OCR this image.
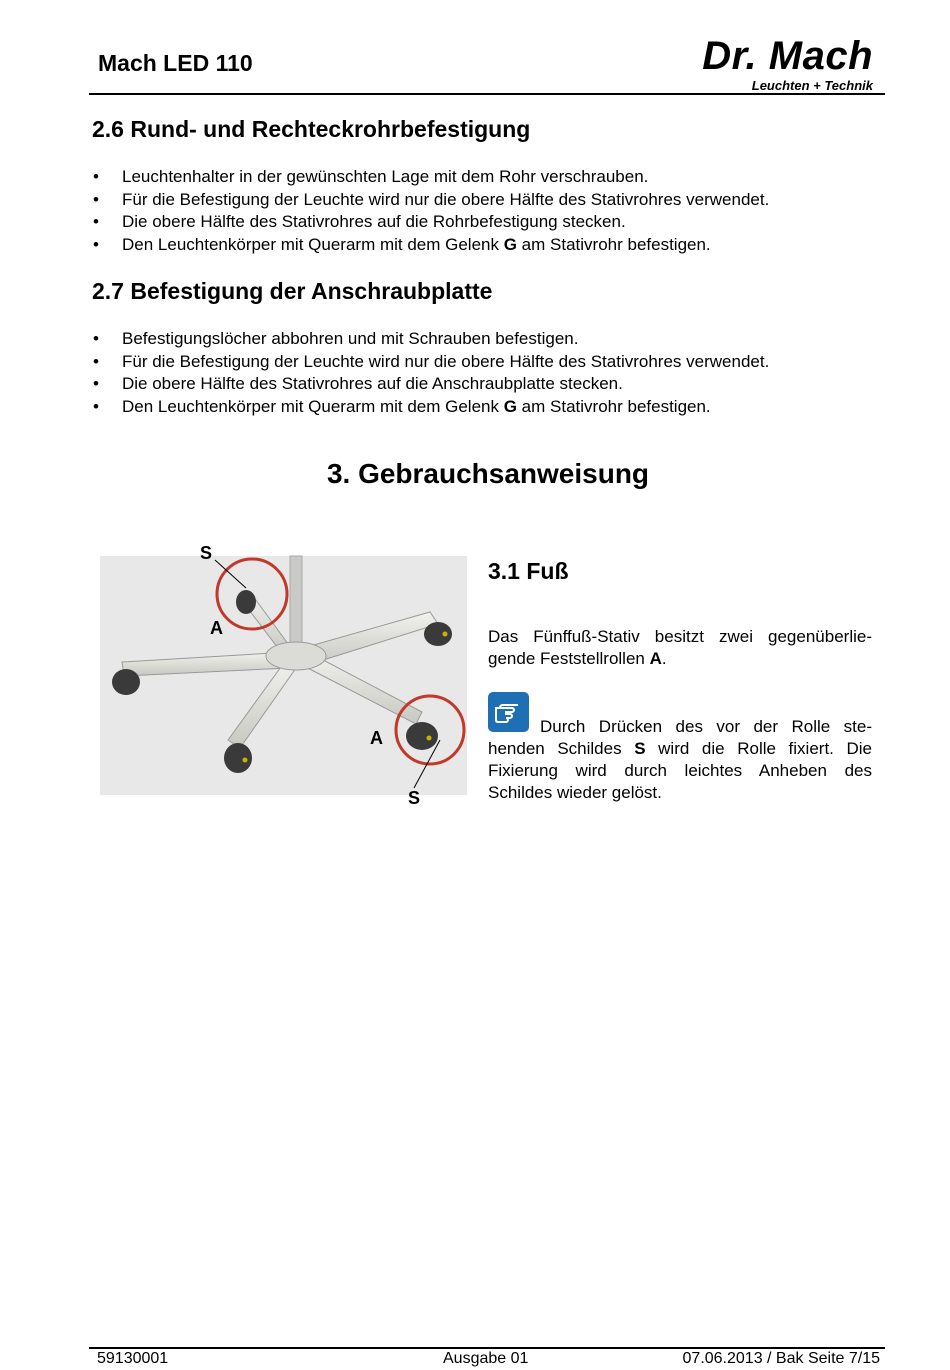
Mach LED 110	Dr. Mach
Leuchten + Technik
2.6 Rund- und Rechteckrohrbefestigung
• Leuchtenhalter in der gewünschten Lage mit dem Rohr verschrauben.
• Für die Befestigung der Leuchte wird nur die obere Hälfte des Stativrohres verwendet.
• Die obere Hälfte des Stativrohres auf die Rohrbefestigung stecken.
• Den Leuchtenkörper mit Querarm mit dem Gelenk G am Stativrohr befestigen.
2.7 Befestigung der Anschraubplatte
• Befestigungslöcher abbohren und mit Schrauben befestigen.
• Für die Befestigung der Leuchte wird nur die obere Hälfte des Stativrohres verwendet.
• Die obere Hälfte des Stativrohres auf die Anschraubplatte stecken.
• Den Leuchtenkörper mit Querarm mit dem Gelenk G am Stativrohr befestigen.
3. Gebrauchsanweisung
S
A
A
S
3.1 Fuß
Das Fünffuß-Stativ besitzt zwei gegenüberlie-gende Feststellrollen A.
Durch Drücken des vor der Rolle ste-henden Schildes S wird die Rolle fixiert. Die Fixierung wird durch leichtes Anheben des Schildes wieder gelöst.
59130001	Ausgabe 01	07.06.2013 / Bak Seite 7/15
